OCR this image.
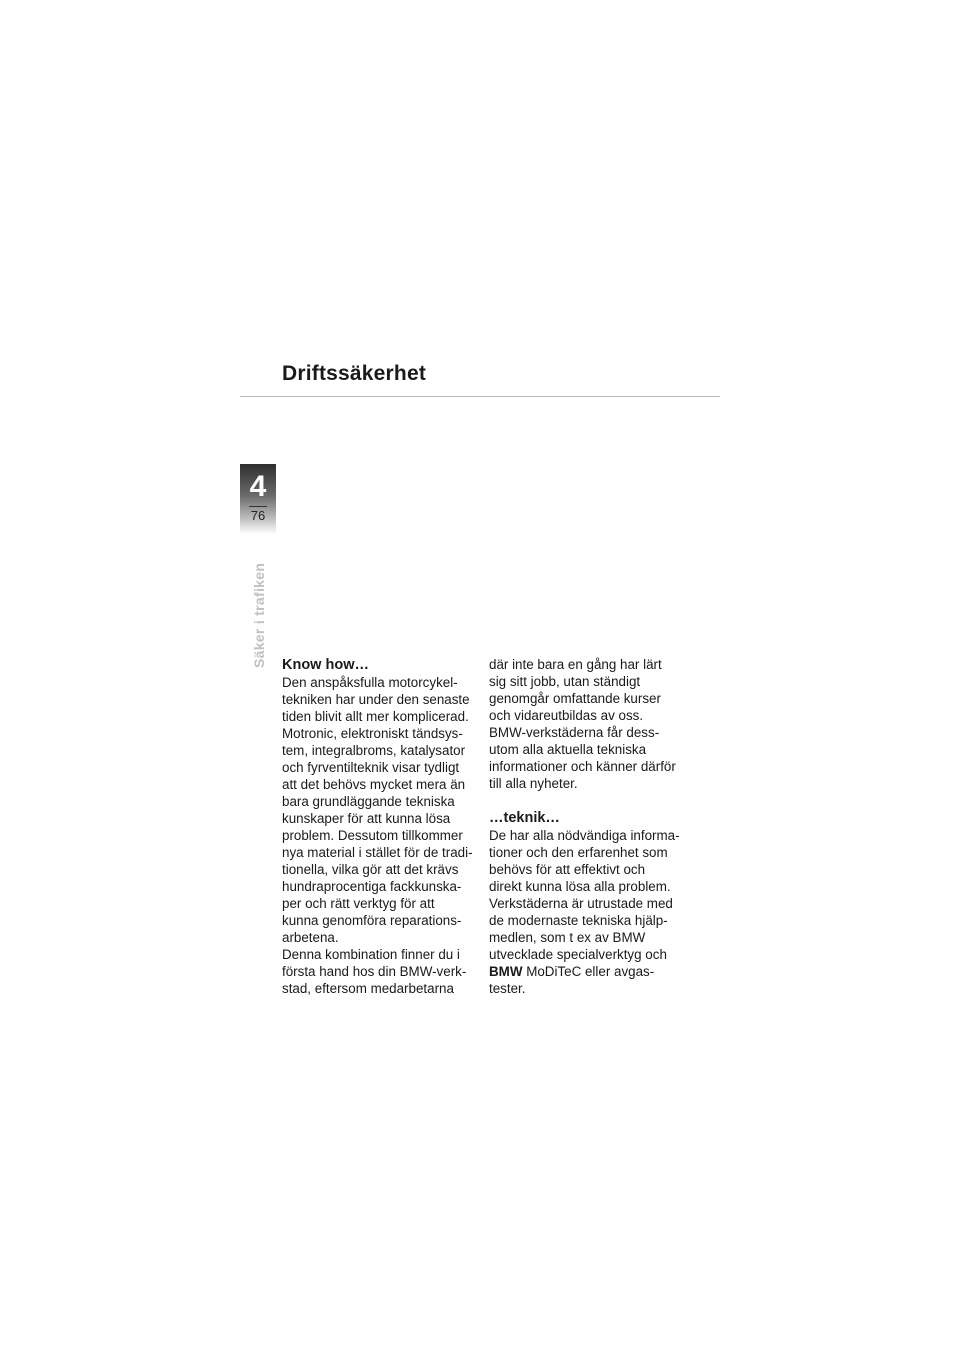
Driftssäkerhet
4
76
Säker i trafiken Know how…
Den anspåksfulla motorcykel-
tekniken har under den senaste
tiden blivit allt mer komplicerad.
Motronic, elektroniskt tändsys-
tem, integralbroms, katalysator
och fyrventilteknik visar tydligt
att det behövs mycket mera än
bara grundläggande tekniska
kunskaper för att kunna lösa
problem. Dessutom tillkommer
nya material i stället för de tradi-
tionella, vilka gör att det krävs
hundraprocentiga fackkunska-
per och rätt verktyg för att
kunna genomföra reparations-
arbetena.
Denna kombination finner du i
första hand hos din BMW-verk-
stad, eftersom medarbetarna
där inte bara en gång har lärt
sig sitt jobb, utan ständigt
genomgår omfattande kurser
och vidareutbildas av oss.
BMW-verkstäderna får dess-
utom alla aktuella tekniska
informationer och känner därför
till alla nyheter.
…teknik…
De har alla nödvändiga informa-
tioner och den erfarenhet som
behövs för att effektivt och
direkt kunna lösa alla problem.
Verkstäderna är utrustade med
de modernaste tekniska hjälp-
medlen, som t ex av BMW
utvecklade specialverktyg och
BMW MoDiTeC eller avgas-
tester.
